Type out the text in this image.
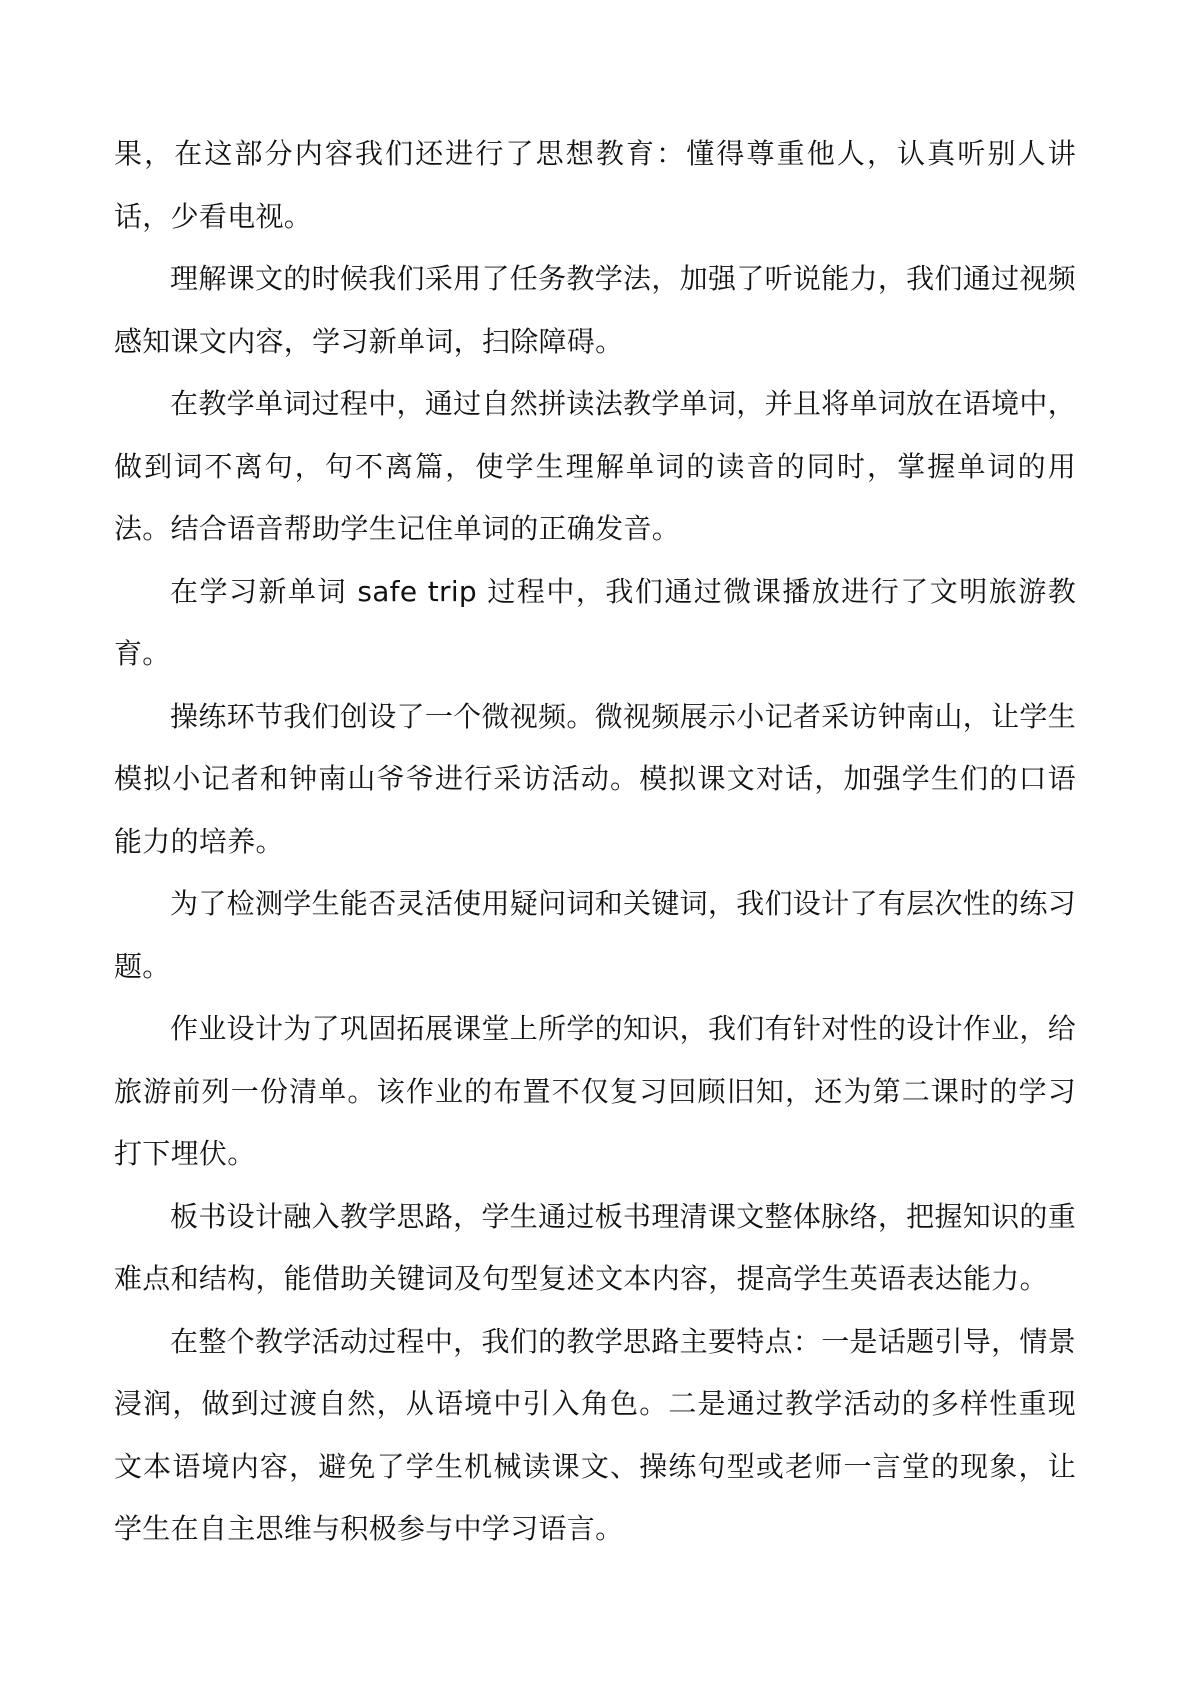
果，在这部分内容我们还进行了思想教育：懂得尊重他人，认真听别人讲话，少看电视。

理解课文的时候我们采用了任务教学法，加强了听说能力，我们通过视频感知课文内容，学习新单词，扫除障碍。

在教学单词过程中，通过自然拼读法教学单词，并且将单词放在语境中，做到词不离句，句不离篇，使学生理解单词的读音的同时，掌握单词的用法。结合语音帮助学生记住单词的正确发音。

在学习新单词 safe trip 过程中，我们通过微课播放进行了文明旅游教育。

操练环节我们创设了一个微视频。微视频展示小记者采访钟南山，让学生模拟小记者和钟南山爷爷进行采访活动。模拟课文对话，加强学生们的口语能力的培养。

为了检测学生能否灵活使用疑问词和关键词，我们设计了有层次性的练习题。

作业设计为了巩固拓展课堂上所学的知识，我们有针对性的设计作业，给旅游前列一份清单。该作业的布置不仅复习回顾旧知，还为第二课时的学习打下埋伏。

板书设计融入教学思路，学生通过板书理清课文整体脉络，把握知识的重难点和结构，能借助关键词及句型复述文本内容，提高学生英语表达能力。

在整个教学活动过程中，我们的教学思路主要特点：一是话题引导，情景浸润，做到过渡自然，从语境中引入角色。二是通过教学活动的多样性重现文本语境内容，避免了学生机械读课文、操练句型或老师一言堂的现象，让学生在自主思维与积极参与中学习语言。
